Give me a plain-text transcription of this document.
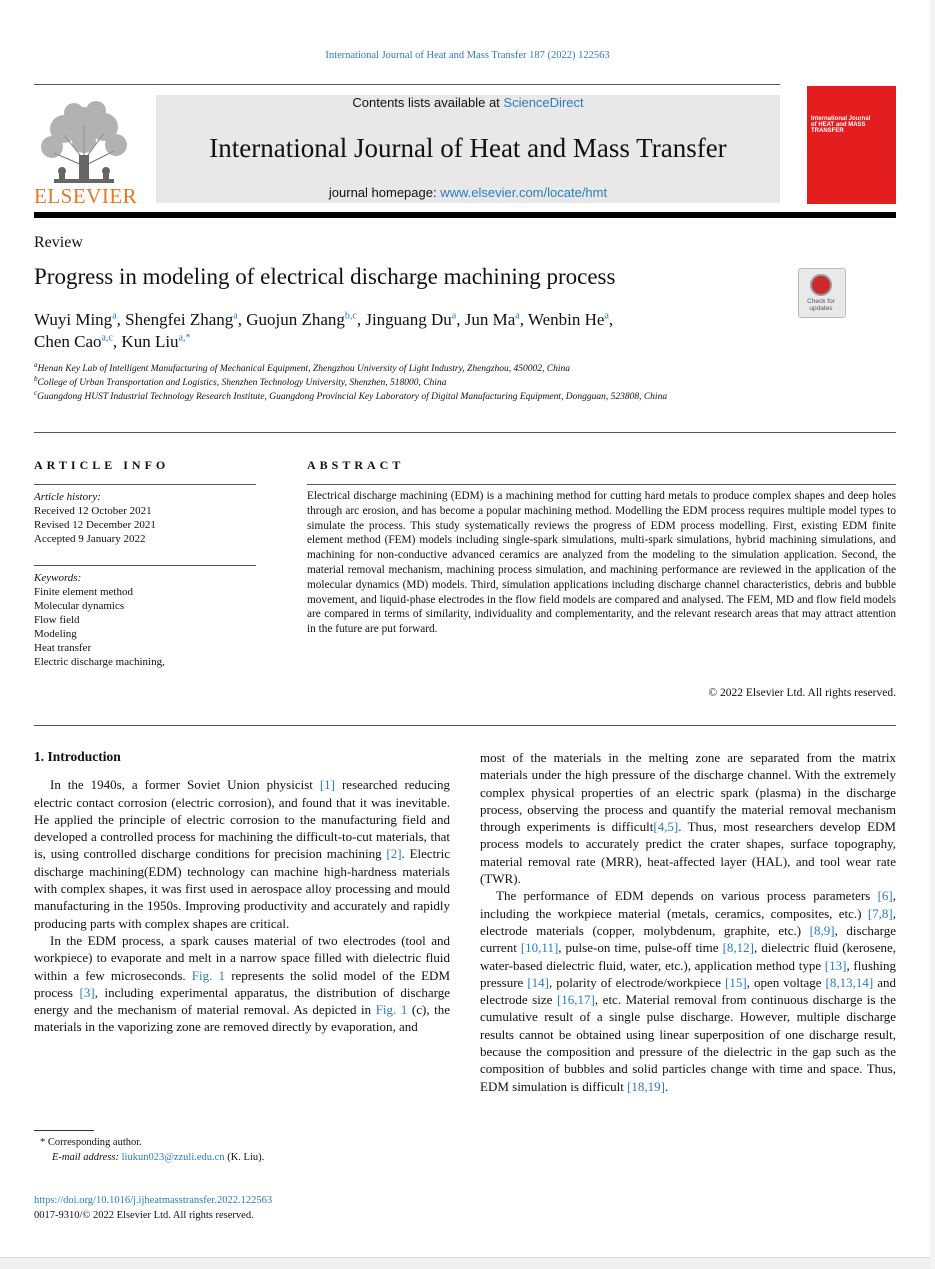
International Journal of Heat and Mass Transfer 187 (2022) 122563
ELSEVIER
Contents lists available at ScienceDirect
International Journal of Heat and Mass Transfer
journal homepage: www.elsevier.com/locate/hmt
International Journal of HEAT and MASS TRANSFER
Review
Progress in modeling of electrical discharge machining process
Check for updates
Wuyi Ming$^a$, Shengfei Zhang$^a$, Guojun Zhang$^{b,c}$, Jinguang Du$^a$, Jun Ma$^a$, Wenbin He$^a$,
Chen Cao$^{a,c}$, Kun Liu$^{a,*}$
$^a$Henan Key Lab of Intelligent Manufacturing of Mechanical Equipment, Zhengzhou University of Light Industry, Zhengzhou, 450002, China
$^b$College of Urban Transportation and Logistics, Shenzhen Technology University, Shenzhen, 518000, China
$^c$Guangdong HUST Industrial Technology Research Institute, Guangdong Provincial Key Laboratory of Digital Manufacturing Equipment, Dongguan, 523808, China
ARTICLE INFO	ABSTRACT
Article history:
Received 12 October 2021
Revised 12 December 2021
Accepted 9 January 2022
Keywords:
Finite element method
Molecular dynamics
Flow field
Modeling
Heat transfer
Electric discharge machining,
Electrical discharge machining (EDM) is a machining method for cutting hard metals to produce complex shapes and deep holes through arc erosion, and has become a popular machining method. Modelling the EDM process requires multiple model types to simulate the process. This study systematically reviews the progress of EDM process modelling. First, existing EDM finite element method (FEM) models including single-spark simulations, multi-spark simulations, hybrid machining simulations, and machining for non-conductive advanced ceramics are analyzed from the modeling to the simulation application. Second, the material removal mechanism, machining process simulation, and machining performance are reviewed in the application of the molecular dynamics (MD) models. Third, simulation applications including discharge channel characteristics, debris and bubble movement, and liquid-phase electrodes in the flow field models are compared and analysed. The FEM, MD and flow field models are compared in terms of similarity, individuality and complementarity, and the relevant research areas that may attract attention in the future are put forward.
© 2022 Elsevier Ltd. All rights reserved.

1. Introduction

In the 1940s, a former Soviet Union physicist [1] researched reducing electric contact corrosion (electric corrosion), and found that it was inevitable. He applied the principle of electric corrosion to the manufacturing field and developed a controlled process for machining the difficult-to-cut materials, that is, using controlled discharge conditions for precision machining [2]. Electric discharge machining(EDM) technology can machine high-hardness materials with complex shapes, it was first used in aerospace alloy processing and mould manufacturing in the 1950s. Improving productivity and accurately and rapidly producing parts with complex shapes are critical.

In the EDM process, a spark causes material of two electrodes (tool and workpiece) to evaporate and melt in a narrow space filled with dielectric fluid within a few microseconds. Fig. 1 represents the solid model of the EDM process [3], including experimental apparatus, the distribution of discharge energy and the mechanism of material removal. As depicted in Fig. 1 (c), the materials in the vaporizing zone are removed directly by evaporation, and

most of the materials in the melting zone are separated from the matrix materials under the high pressure of the discharge channel. With the extremely complex physical properties of an electric spark (plasma) in the discharge process, observing the process and quantify the material removal mechanism through experiments is difficult[4,5]. Thus, most researchers develop EDM process models to accurately predict the crater shapes, surface topography, material removal rate (MRR), heat-affected layer (HAL), and tool wear rate (TWR).

The performance of EDM depends on various process parameters [6], including the workpiece material (metals, ceramics, composites, etc.) [7,8], electrode materials (copper, molybdenum, graphite, etc.) [8,9], discharge current [10,11], pulse-on time, pulse-off time [8,12], dielectric fluid (kerosene, water-based dielectric fluid, water, etc.), application method type [13], flushing pressure [14], polarity of electrode/workpiece [15], open voltage [8,13,14] and electrode size [16,17], etc. Material removal from continuous discharge is the cumulative result of a single pulse discharge. However, multiple discharge results cannot be obtained using linear superposition of one discharge result, because the composition and pressure of the dielectric in the gap such as the composition of bubbles and solid particles change with time and space. Thus, EDM simulation is difficult [18,19].

* Corresponding author.
E-mail address: liukun023@zzuli.edu.cn (K. Liu).
https://doi.org/10.1016/j.ijheatmasstransfer.2022.122563
0017-9310/© 2022 Elsevier Ltd. All rights reserved.
